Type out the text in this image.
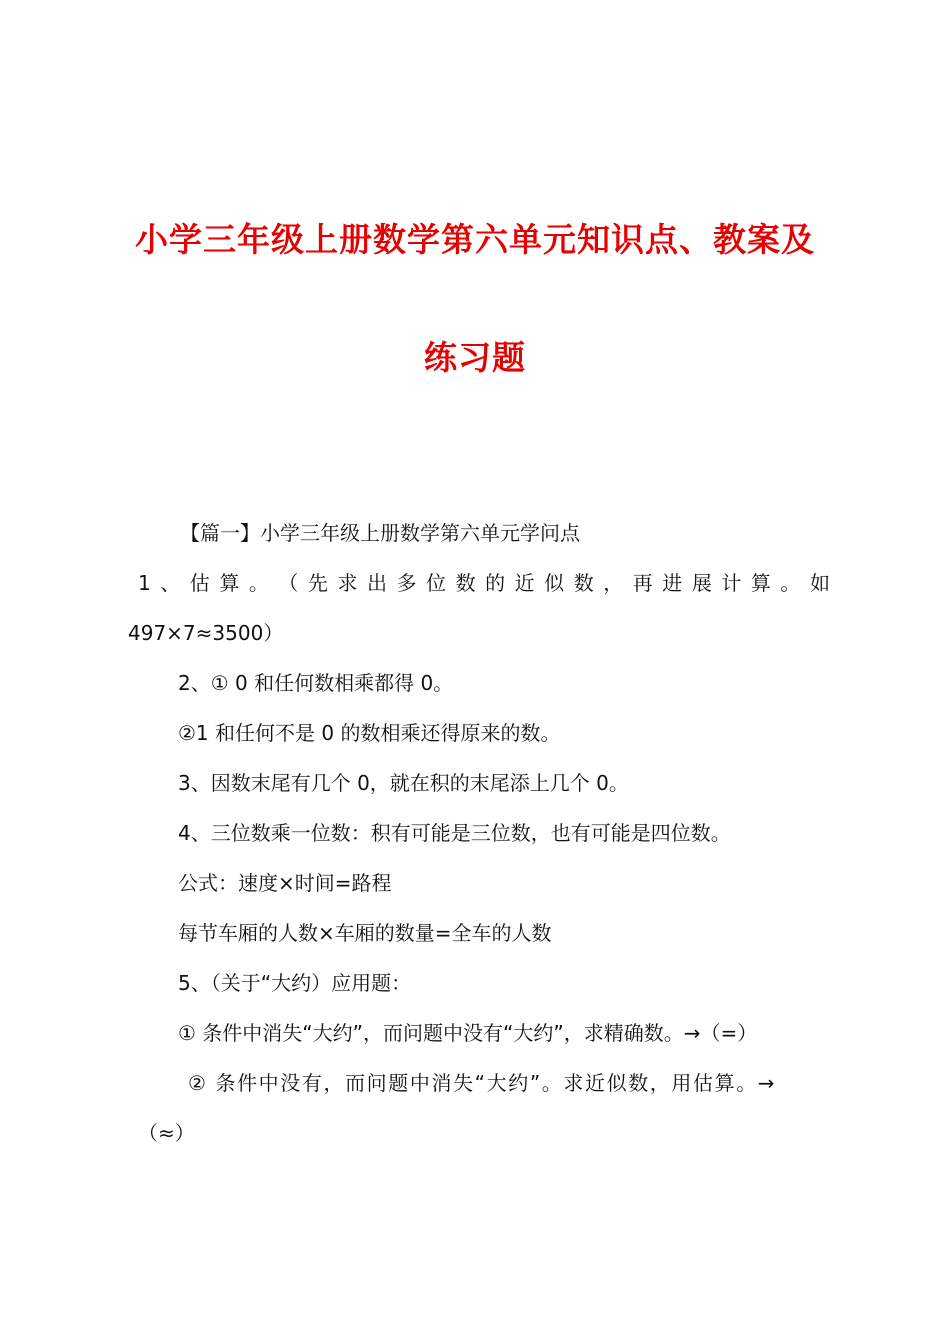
小学三年级上册数学第六单元知识点、教案及
练习题

【篇一】小学三年级上册数学第六单元学问点

1 、 估 算 。 （ 先 求 出 多 位 数 的 近 似 数 ， 再 进 展 计 算 。 如

497×7≈3500）

2、① 0 和任何数相乘都得 0。

②1 和任何不是 0 的数相乘还得原来的数。

3、因数末尾有几个 0，就在积的末尾添上几个 0。

4、三位数乘一位数：积有可能是三位数，也有可能是四位数。

公式：速度×时间=路程

每节车厢的人数×车厢的数量=全车的人数

5、（关于“大约）应用题：

① 条件中消失“大约”，而问题中没有“大约”，求精确数。→（=）

② 条件中没有，而问题中消失“大约”。求近似数，用估算。→

（≈）
